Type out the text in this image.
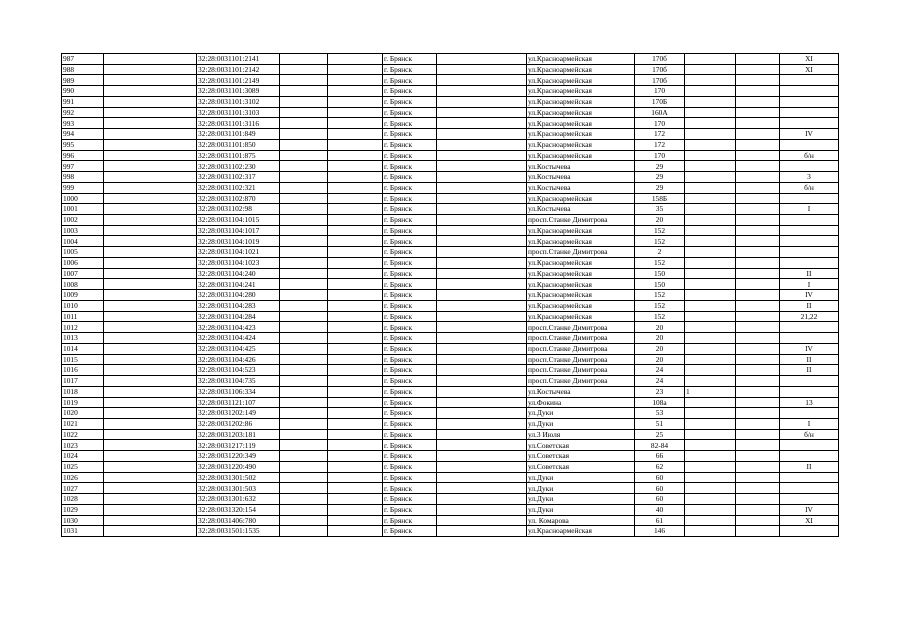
987		32:28:0031101:2141			г. Брянск		ул.Красноармейская	170б			XI
988		32:28:0031101:2142			г. Брянск		ул.Красноармейская	170б			XI
989		32:28:0031101:2149			г. Брянск		ул.Красноармейская	170б			
990		32:28:0031101:3089			г. Брянск		ул.Красноармейская	170			
991		32:28:0031101:3102			г. Брянск		ул.Красноармейская	170Б			
992		32:28:0031101:3103			г. Брянск		ул.Красноармейская	160А			
993		32:28:0031101:3116			г. Брянск		ул.Красноармейская	170			
994		32:28:0031101:849			г. Брянск		ул.Красноармейская	172			IV
995		32:28:0031101:850			г. Брянск		ул.Красноармейская	172			
996		32:28:0031101:875			г. Брянск		ул.Красноармейская	170			б/н
997		32:28:0031102:230			г. Брянск		ул.Костычева	29			
998		32:28:0031102:317			г. Брянск		ул.Костычева	29			3
999		32:28:0031102:321			г. Брянск		ул.Костычева	29			б/н
1000		32:28:0031102:870			г. Брянск		ул.Красноармейская	158Б			
1001		32:28:0031102:98			г. Брянск		ул.Костычева	35			I
1002		32:28:0031104:1015			г. Брянск		просп.Станке Димитрова	20			
1003		32:28:0031104:1017			г. Брянск		ул.Красноармейская	152			
1004		32:28:0031104:1019			г. Брянск		ул.Красноармейская	152			
1005		32:28:0031104:1021			г. Брянск		просп.Станке Димитрова	2			
1006		32:28:0031104:1023			г. Брянск		ул.Красноармейская	152			
1007		32:28:0031104:240			г. Брянск		ул.Красноармейская	150			II
1008		32:28:0031104:241			г. Брянск		ул.Красноармейская	150			I
1009		32:28:0031104:280			г. Брянск		ул.Красноармейская	152			IV
1010		32:28:0031104:283			г. Брянск		ул.Красноармейская	152			II
1011		32:28:0031104:284			г. Брянск		ул.Красноармейская	152			21,22
1012		32:28:0031104:423			г. Брянск		просп.Станке Димитрова	20			
1013		32:28:0031104:424			г. Брянск		просп.Станке Димитрова	20			
1014		32:28:0031104:425			г. Брянск		просп.Станке Димитрова	20			IV
1015		32:28:0031104:426			г. Брянск		просп.Станке Димитрова	20			II
1016		32:28:0031104:523			г. Брянск		просп.Станке Димитрова	24			II
1017		32:28:0031104:735			г. Брянск		просп.Станке Димитрова	24			
1018		32:28:0031106:334			г. Брянск		ул.Костычева	23	1		
1019		32:28:0031121:107			г. Брянск		ул.Фокина	108а			13
1020		32:28:0031202:149			г. Брянск		ул.Дуки	53			
1021		32:28:0031202:86			г. Брянск		ул.Дуки	51			I
1022		32:28:0031203:181			г. Брянск		ул.3 Июля	25			б/н
1023		32:28:0031217:119			г. Брянск		ул.Советская	82-84			
1024		32:28:0031220:349			г. Брянск		ул.Советская	66			
1025		32:28:0031220:490			г. Брянск		ул.Советская	62			II
1026		32:28:0031301:502			г. Брянск		ул.Дуки	60			
1027		32:28:0031301:503			г. Брянск		ул.Дуки	60			
1028		32:28:0031301:632			г. Брянск		ул.Дуки	60			
1029		32:28:0031320:154			г. Брянск		ул.Дуки	40			IV
1030		32:28:0031406:780			г. Брянск		ул. Комарова	61			XI
1031		32:28:0031501:1535			г. Брянск		ул.Красноармейская	146			
